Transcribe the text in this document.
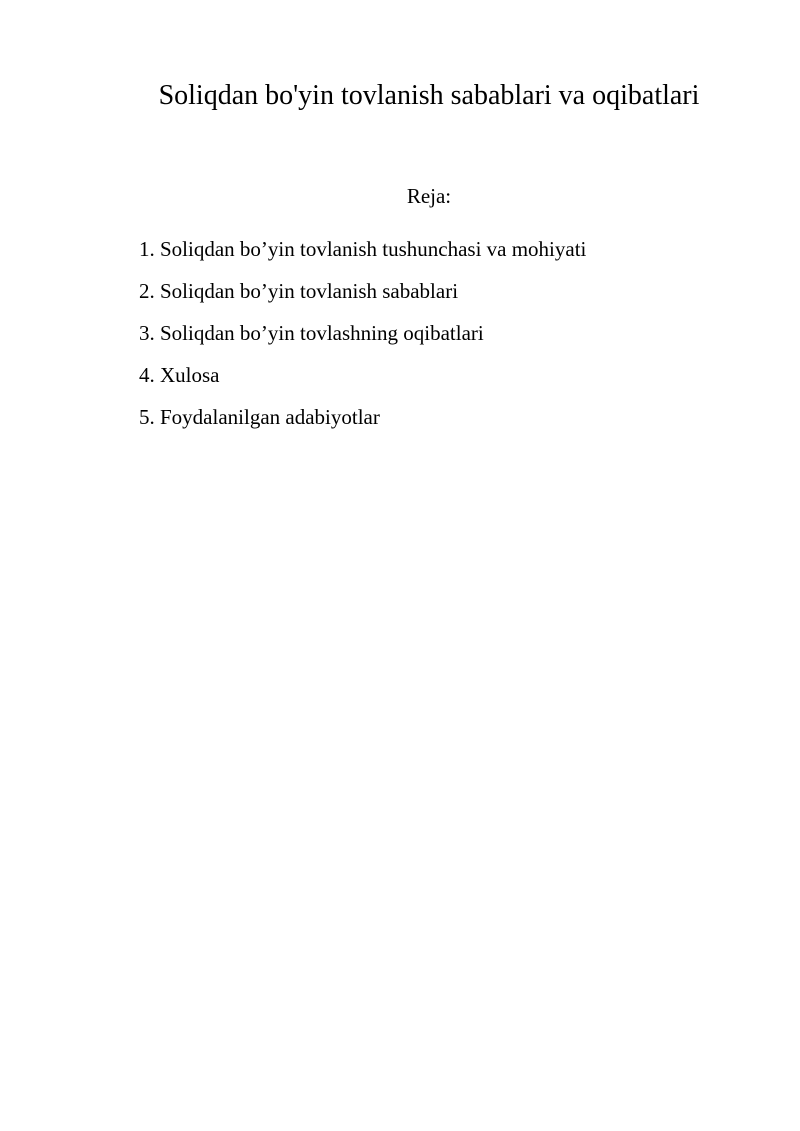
Soliqdan bo'yin tovlanish sabablari va oqibatlari
Reja:
1. Soliqdan bo’yin tovlanish tushunchasi va mohiyati
2. Soliqdan bo’yin tovlanish sabablari
3. Soliqdan bo’yin tovlashning oqibatlari
4. Xulosa
5. Foydalanilgan adabiyotlar
